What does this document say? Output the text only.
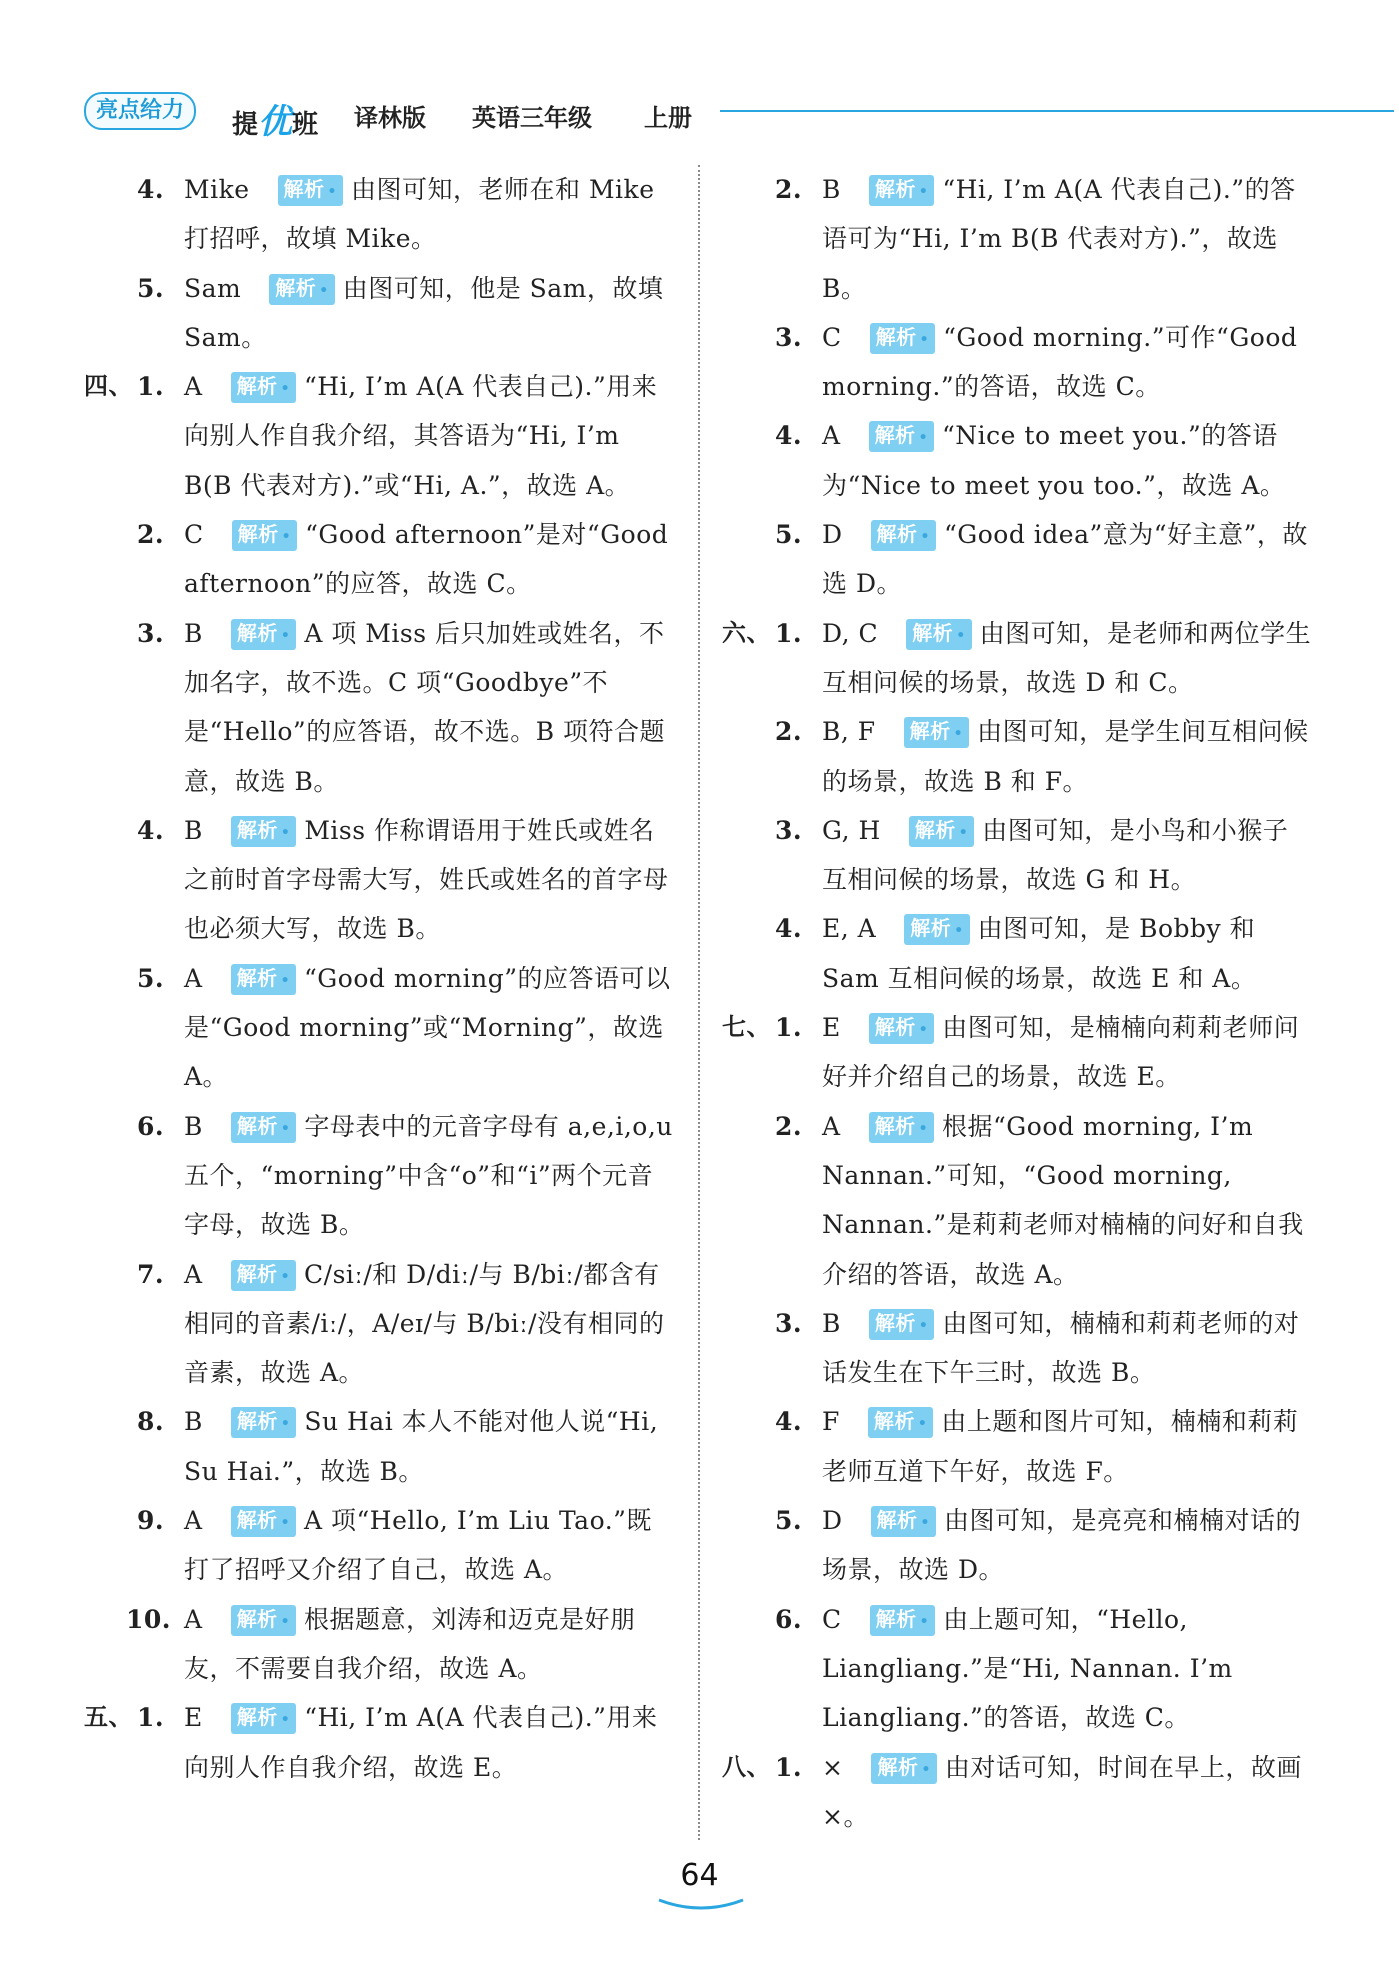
亮点给力	提优班 译林版 英语三年级 上册
4. Mike 解析 • 由图可知，老师在和 Mike 打招呼，故填 Mike。
5. Sam 解析 • 由图可知，他是 Sam，故填 Sam。
四、 1. A 解析 • “Hi, I’m A(A 代表自己).”用来向别人作自我介绍，其答语为“Hi, I’m B(B 代表对方).”或“Hi, A.”，故选 A。
2. C 解析 • “Good afternoon”是对“Good afternoon”的应答，故选 C。
3. B 解析 • A 项 Miss 后只加姓或姓名，不加名字，故不选。C 项“Goodbye”不是“Hello”的应答语，故不选。B 项符合题意，故选 B。
4. B 解析 • Miss 作称谓语用于姓氏或姓名之前时首字母需大写，姓氏或姓名的首字母也必须大写，故选 B。
5. A 解析 • “Good morning”的应答语可以是“Good morning”或“Morning”，故选 A。
6. B 解析 • 字母表中的元音字母有 a,e,i,o,u 五个，“morning”中含“o”和“i”两个元音字母，故选 B。
7. A 解析 • C/siː/和 D/diː/与 B/biː/都含有相同的音素/iː/，A/eɪ/与 B/biː/没有相同的音素，故选 A。
8. B 解析 • Su Hai 本人不能对他人说“Hi, Su Hai.”，故选 B。
9. A 解析 • A 项“Hello, I’m Liu Tao.”既打了招呼又介绍了自己，故选 A。
10. A 解析 • 根据题意，刘涛和迈克是好朋友，不需要自我介绍，故选 A。
五、 1. E 解析 • “Hi, I’m A(A 代表自己).”用来向别人作自我介绍，故选 E。
2. B 解析 • “Hi, I’m A(A 代表自己).”的答语可为“Hi, I’m B(B 代表对方).”，故选 B。
3. C 解析 • “Good morning.”可作“Good morning.”的答语，故选 C。
4. A 解析 • “Nice to meet you.”的答语为“Nice to meet you too.”，故选 A。
5. D 解析 • “Good idea”意为“好主意”，故选 D。
六、 1. D, C 解析 • 由图可知，是老师和两位学生互相问候的场景，故选 D 和 C。
2. B, F 解析 • 由图可知，是学生间互相问候的场景，故选 B 和 F。
3. G, H 解析 • 由图可知，是小鸟和小猴子互相问候的场景，故选 G 和 H。
4. E, A 解析 • 由图可知，是 Bobby 和 Sam 互相问候的场景，故选 E 和 A。
七、 1. E 解析 • 由图可知，是楠楠向莉莉老师问好并介绍自己的场景，故选 E。
2. A 解析 • 根据“Good morning, I’m Nannan.”可知，“Good morning, Nannan.”是莉莉老师对楠楠的问好和自我介绍的答语，故选 A。
3. B 解析 • 由图可知，楠楠和莉莉老师的对话发生在下午三时，故选 B。
4. F 解析 • 由上题和图片可知，楠楠和莉莉老师互道下午好，故选 F。
5. D 解析 • 由图可知，是亮亮和楠楠对话的场景，故选 D。
6. C 解析 • 由上题可知，“Hello, Liangliang.”是“Hi, Nannan. I’m Liangliang.”的答语，故选 C。
八、 1. × 解析 • 由对话可知，时间在早上，故画×。
64
